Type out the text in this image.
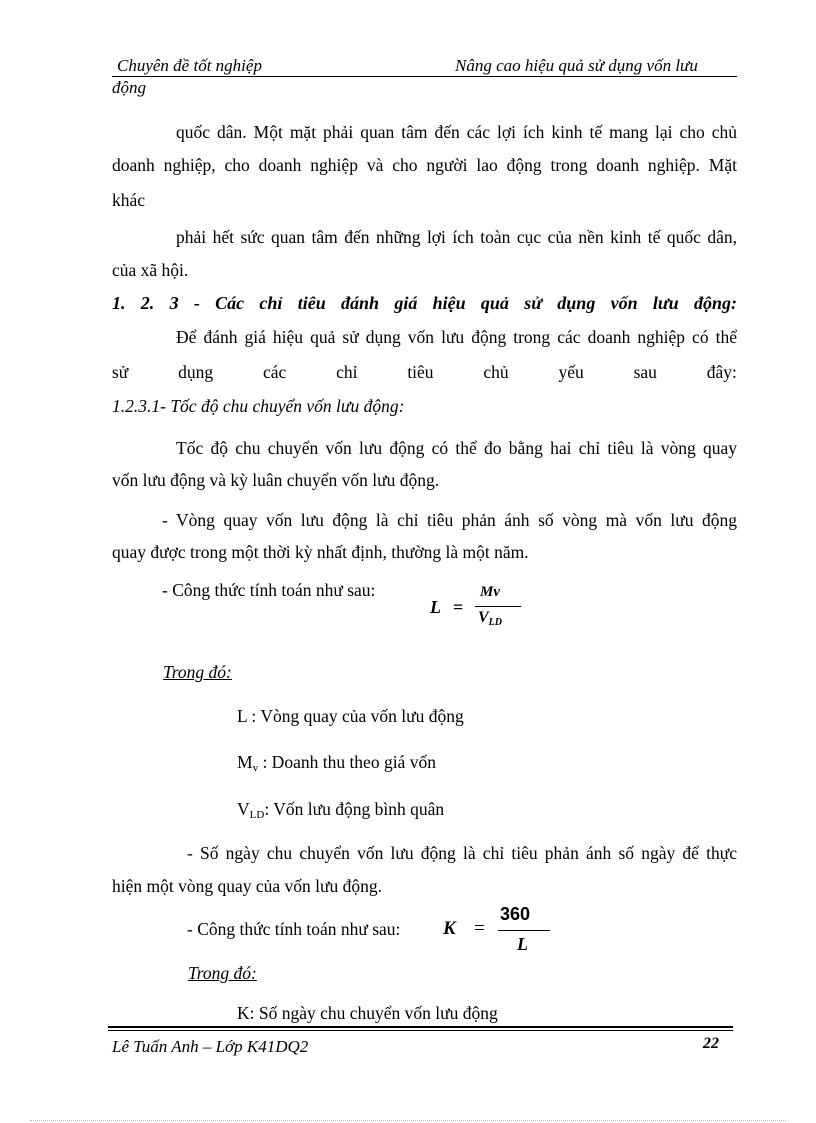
Chuyên đề tốt nghiệp	Nâng cao hiệu quả sử dụng vốn lưu
động
quốc dân. Một mặt phải quan tâm đến các lợi ích kinh tế mang lại cho chủ
doanh nghiệp, cho doanh nghiệp và cho người lao động trong doanh nghiệp. Mặt
khác
phải hết sức quan tâm đến những lợi ích toàn cục của nền kinh tế quốc dân,
của xã hội.
1. 2. 3 - Các chỉ tiêu đánh giá hiệu quả sử dụng vốn lưu động:
Để đánh giá hiệu quả sử dụng vốn lưu động trong các doanh nghiệp có thể
sử	dụng	các	chỉ	tiêu	chủ	yếu	sau	đây:
1.2.3.1- Tốc độ chu chuyển vốn lưu động:
Tốc độ chu chuyển vốn lưu động có thể đo bằng hai chỉ tiêu là vòng quay
vốn lưu động và kỳ luân chuyển vốn lưu động.
- Vòng quay vốn lưu động là chỉ tiêu phản ánh số vòng mà vốn lưu động
quay được trong một thời kỳ nhất định, thường là một năm.
- Công thức tính toán như sau:
L =
Mv
$V_{LD}$
Trong đó:
L : Vòng quay của vốn lưu động
$M_v$ : Doanh thu theo giá vốn
$V_{LD}$: Vốn lưu động bình quân
- Số ngày chu chuyển vốn lưu động là chỉ tiêu phản ánh số ngày để thực
hiện một vòng quay của vốn lưu động.
- Công thức tính toán như sau: K =
360
L
Trong đó:
K: Số ngày chu chuyển vốn lưu động
Lê Tuấn Anh – Lớp K41DQ2	22
